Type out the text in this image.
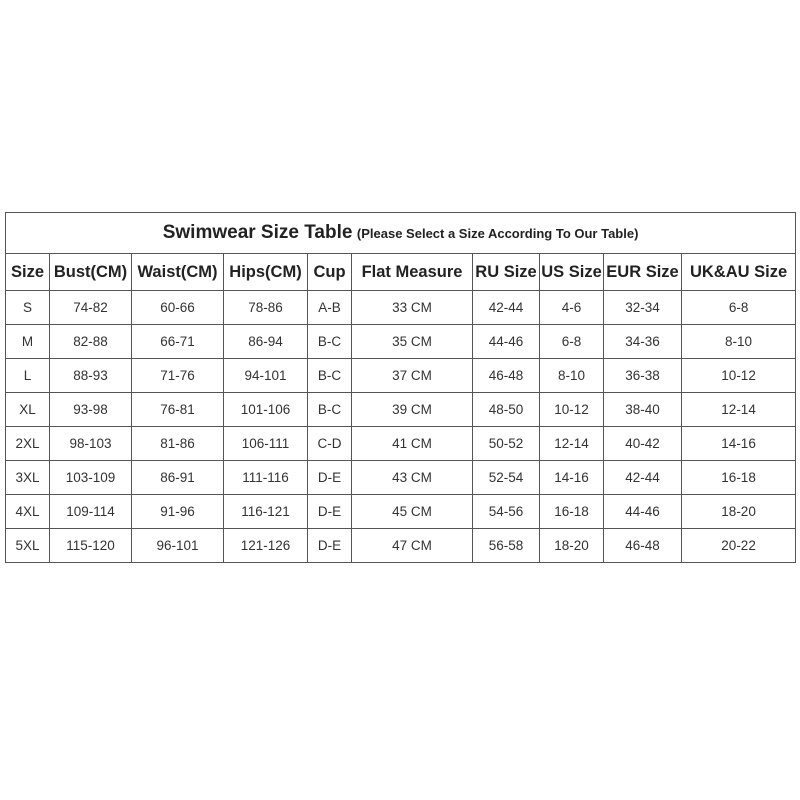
Swimwear Size Table (Please Select a Size According To Our Table)									
Size	Bust(CM)	Waist(CM)	Hips(CM)	Cup	Flat Measure	RU Size	US Size	EUR Size	UK&AU Size
S	74-82	60-66	78-86	A-B	33 CM	42-44	4-6	32-34	6-8
M	82-88	66-71	86-94	B-C	35 CM	44-46	6-8	34-36	8-10
L	88-93	71-76	94-101	B-C	37 CM	46-48	8-10	36-38	10-12
XL	93-98	76-81	101-106	B-C	39 CM	48-50	10-12	38-40	12-14
2XL	98-103	81-86	106-111	C-D	41 CM	50-52	12-14	40-42	14-16
3XL	103-109	86-91	111-116	D-E	43 CM	52-54	14-16	42-44	16-18
4XL	109-114	91-96	116-121	D-E	45 CM	54-56	16-18	44-46	18-20
5XL	115-120	96-101	121-126	D-E	47 CM	56-58	18-20	46-48	20-22
